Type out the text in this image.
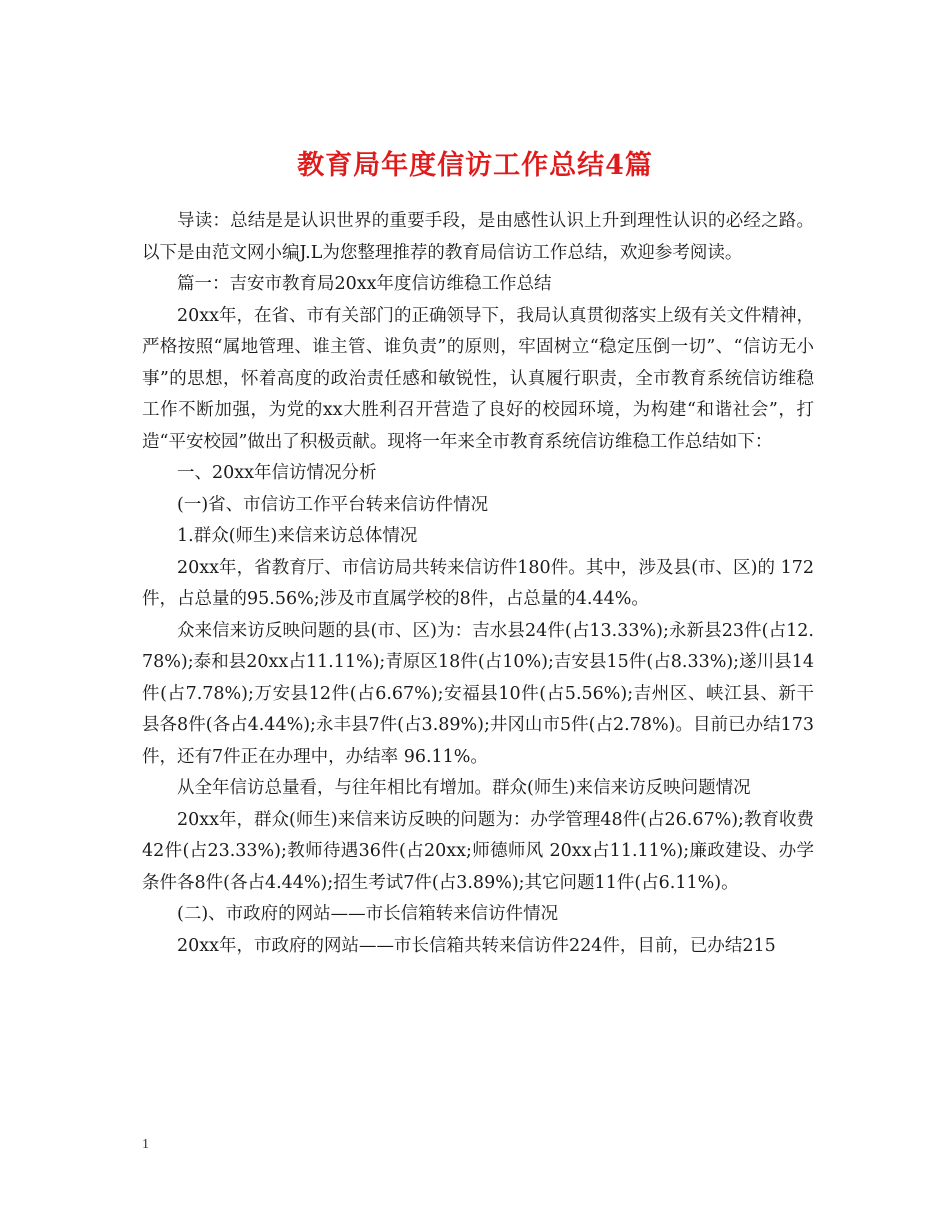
教育局年度信访工作总结4篇

导读：总结是是认识世界的重要手段，是由感性认识上升到理性认识的必经之路。以下是由范文网小编J.L为您整理推荐的教育局信访工作总结，欢迎参考阅读。

篇一：吉安市教育局20xx年度信访维稳工作总结

20xx年，在省、市有关部门的正确领导下，我局认真贯彻落实上级有关文件精神，严格按照“属地管理、谁主管、谁负责”的原则，牢固树立“稳定压倒一切”、“信访无小事”的思想，怀着高度的政治责任感和敏锐性，认真履行职责，全市教育系统信访维稳工作不断加强，为党的xx大胜利召开营造了良好的校园环境，为构建“和谐社会”，打造“平安校园”做出了积极贡献。现将一年来全市教育系统信访维稳工作总结如下：

一、20xx年信访情况分析

(一)省、市信访工作平台转来信访件情况

1.群众(师生)来信来访总体情况

20xx年，省教育厅、市信访局共转来信访件180件。其中，涉及县(市、区)的 172件，占总量的95.56%;涉及市直属学校的8件，占总量的4.44%。

众来信来访反映问题的县(市、区)为：吉水县24件(占13.33%);永新县23件(占12.78%);泰和县20xx占11.11%);青原区18件(占10%);吉安县15件(占8.33%);遂川县14件(占7.78%);万安县12件(占6.67%);安福县10件(占5.56%);吉州区、峡江县、新干县各8件(各占4.44%);永丰县7件(占3.89%);井冈山市5件(占2.78%)。目前已办结173件，还有7件正在办理中，办结率 96.11%。

从全年信访总量看，与往年相比有增加。群众(师生)来信来访反映问题情况

20xx年，群众(师生)来信来访反映的问题为：办学管理48件(占26.67%);教育收费42件(占23.33%);教师待遇36件(占20xx;师德师风 20xx占11.11%);廉政建设、办学条件各8件(各占4.44%);招生考试7件(占3.89%);其它问题11件(占6.11%)。

(二)、市政府的网站——市长信箱转来信访件情况

20xx年，市政府的网站——市长信箱共转来信访件224件，目前，已办结215

1
